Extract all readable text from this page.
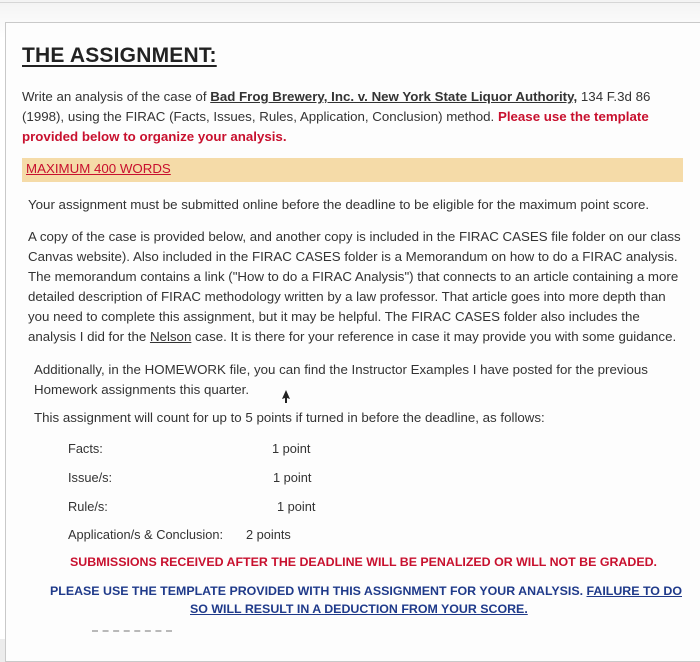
THE ASSIGNMENT:
Write an analysis of the case of Bad Frog Brewery, Inc. v. New York State Liquor Authority, 134 F.3d 86 (1998), using the FIRAC (Facts, Issues, Rules, Application, Conclusion) method. Please use the template provided below to organize your analysis.
MAXIMUM 400 WORDS
Your assignment must be submitted online before the deadline to be eligible for the maximum point score.
A copy of the case is provided below, and another copy is included in the FIRAC CASES file folder on our class Canvas website). Also included in the FIRAC CASES folder is a Memorandum on how to do a FIRAC analysis. The memorandum contains a link ("How to do a FIRAC Analysis") that connects to an article containing a more detailed description of FIRAC methodology written by a law professor. That article goes into more depth than you need to complete this assignment, but it may be helpful. The FIRAC CASES folder also includes the analysis I did for the Nelson case. It is there for your reference in case it may provide you with some guidance.
Additionally, in the HOMEWORK file, you can find the Instructor Examples I have posted for the previous Homework assignments this quarter.
This assignment will count for up to 5 points if turned in before the deadline, as follows:
Facts:	1 point
Issue/s:	1 point
Rule/s:	1 point
Application/s & Conclusion: 2 points
SUBMISSIONS RECEIVED AFTER THE DEADLINE WILL BE PENALIZED OR WILL NOT BE GRADED.
PLEASE USE THE TEMPLATE PROVIDED WITH THIS ASSIGNMENT FOR YOUR ANALYSIS. FAILURE TO DO
SO WILL RESULT IN A DEDUCTION FROM YOUR SCORE.
